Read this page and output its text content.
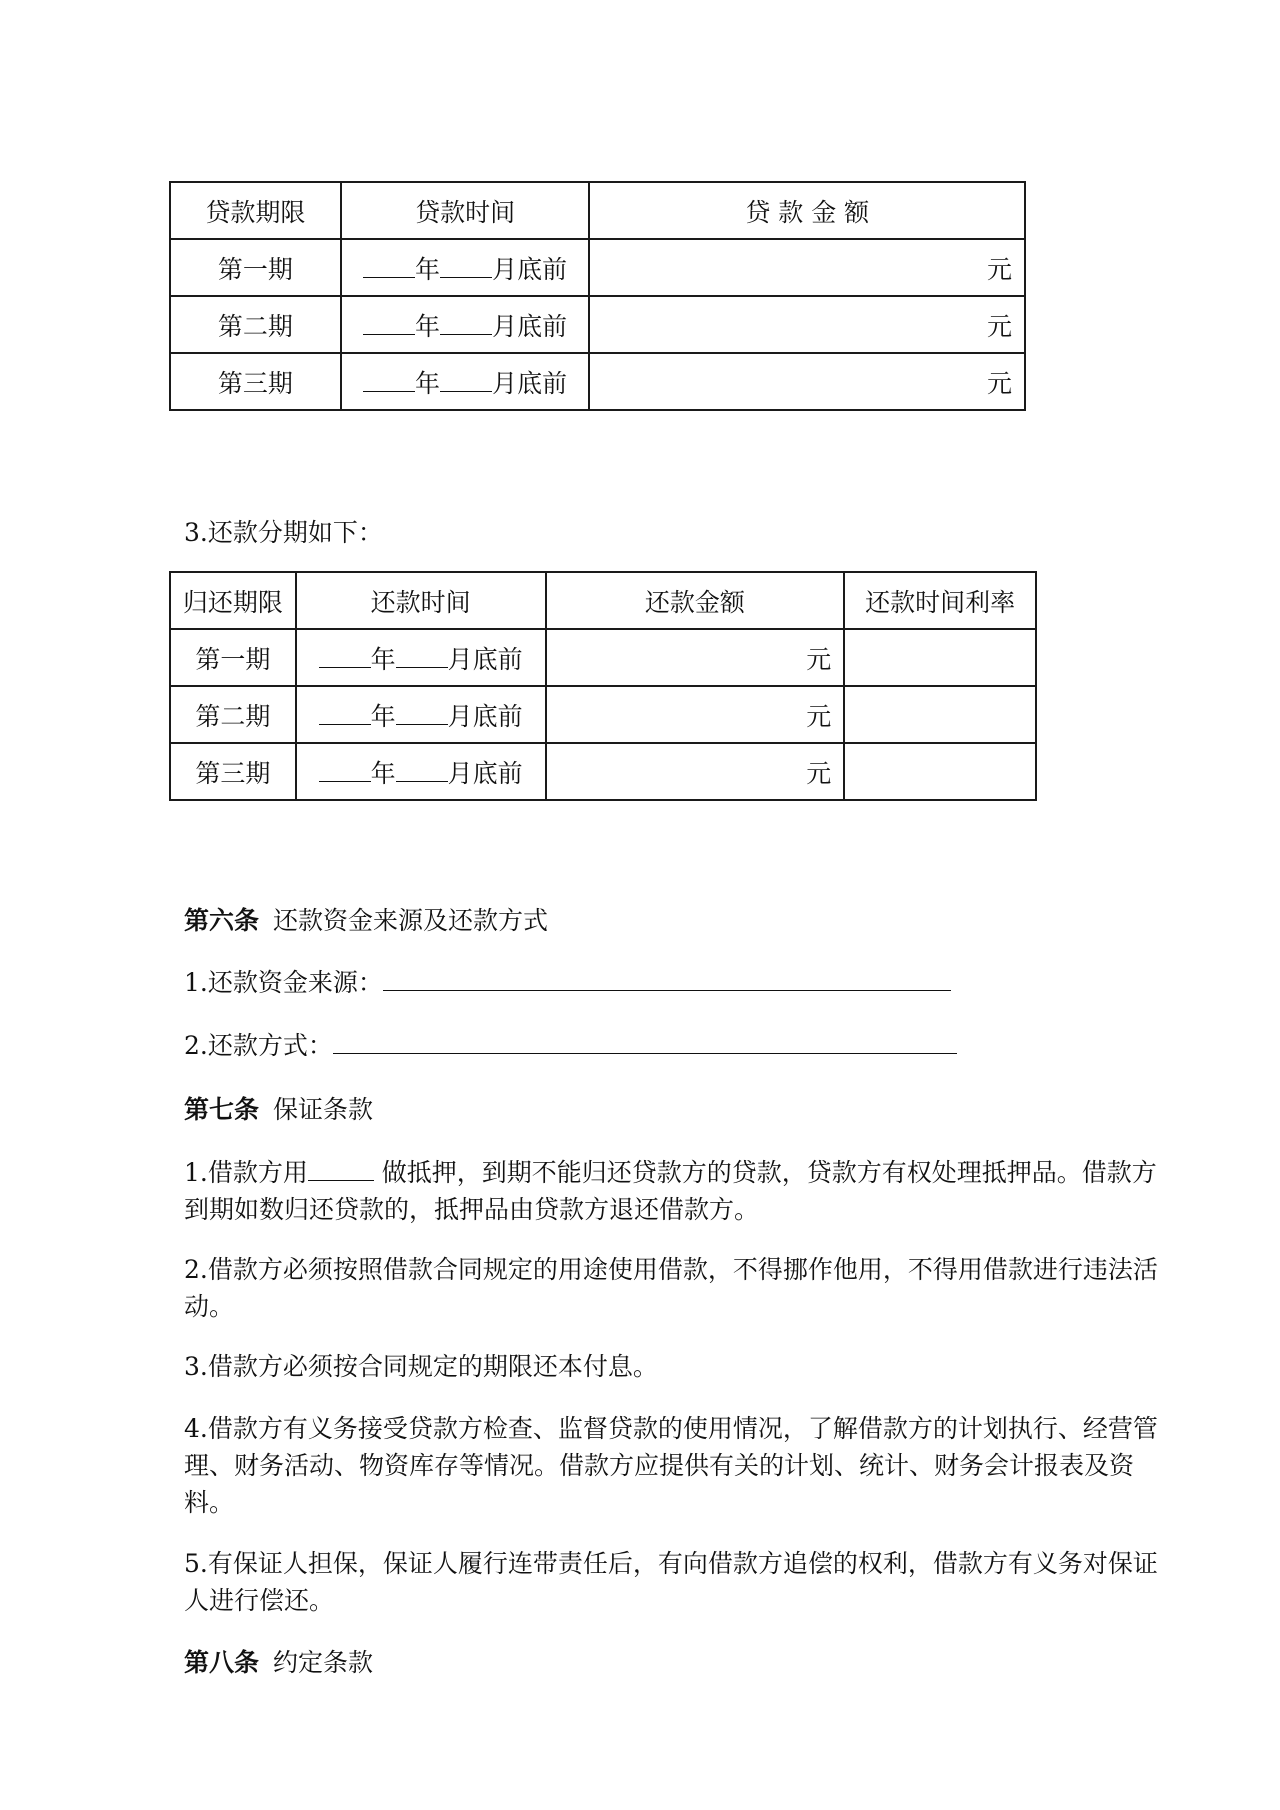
贷款期限	贷款时间	贷 款 金 额
第一期	年 月底前	元
第二期	年 月底前	元
第三期	年 月底前	元
3.还款分期如下：
归还期限	还款时间	还款金额	还款时间利率
第一期	年 月底前	元	
第二期	年 月底前	元	
第三期	年 月底前	元	
第六条 还款资金来源及还款方式
1.还款资金来源：
2.还款方式：
第七条 保证条款
1.借款方用	做抵押，到期不能归还贷款方的贷款，贷款方有权处理抵押品。借款方到期如数归还贷款的，抵押品由贷款方退还借款方。
2.借款方必须按照借款合同规定的用途使用借款，不得挪作他用，不得用借款进行违法活动。
3.借款方必须按合同规定的期限还本付息。
4.借款方有义务接受贷款方检查、监督贷款的使用情况，了解借款方的计划执行、经营管理、财务活动、物资库存等情况。借款方应提供有关的计划、统计、财务会计报表及资料。
5.有保证人担保，保证人履行连带责任后，有向借款方追偿的权利，借款方有义务对保证人进行偿还。
第八条 约定条款
